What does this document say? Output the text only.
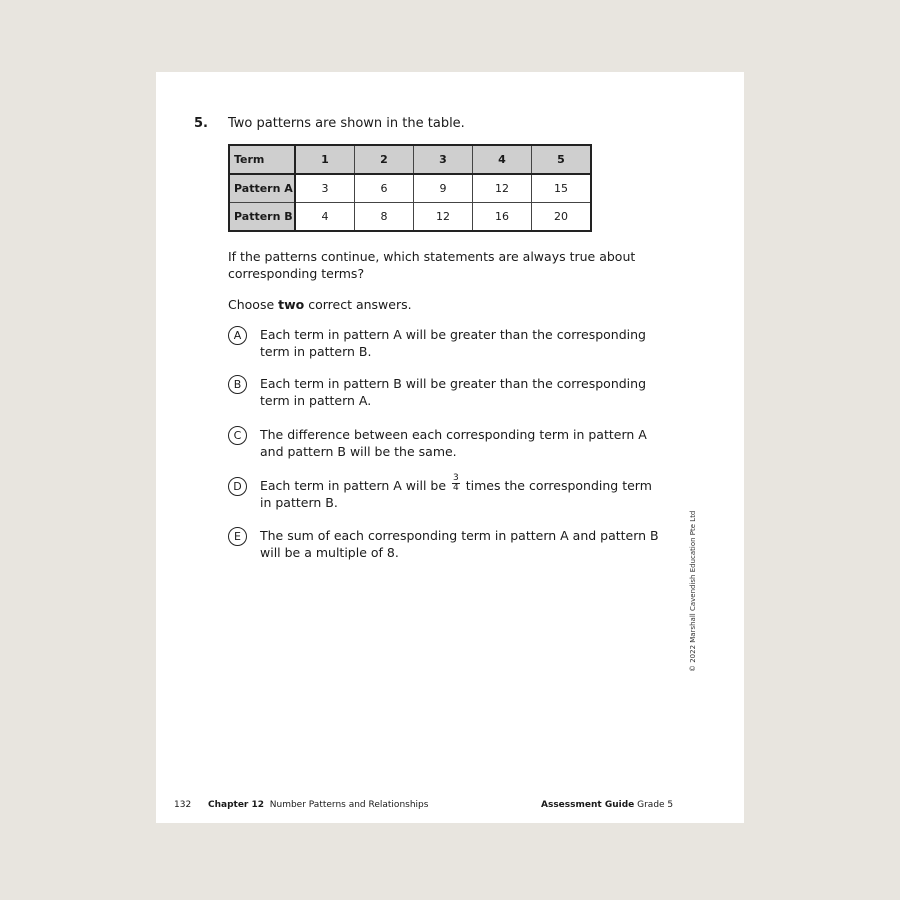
5. Two patterns are shown in the table.
Term	1	2	3	4	5
Pattern A	3	6	9	12	15
Pattern B	4	8	12	16	20
If the patterns continue, which statements are always true about corresponding terms?
Choose two correct answers.
A	Each term in pattern A will be greater than the corresponding term in pattern B.
B	Each term in pattern B will be greater than the corresponding term in pattern A.
C	The difference between each corresponding term in pattern A and pattern B will be the same.
D	Each term in pattern A will be $\frac{3}{4}$ times the corresponding term in pattern B.
E	The sum of each corresponding term in pattern A and pattern B will be a multiple of 8.	© 2022 Marshall Cavendish Education Pte Ltd
132 Chapter 12 Number Patterns and Relationships	Assessment Guide Grade 5
